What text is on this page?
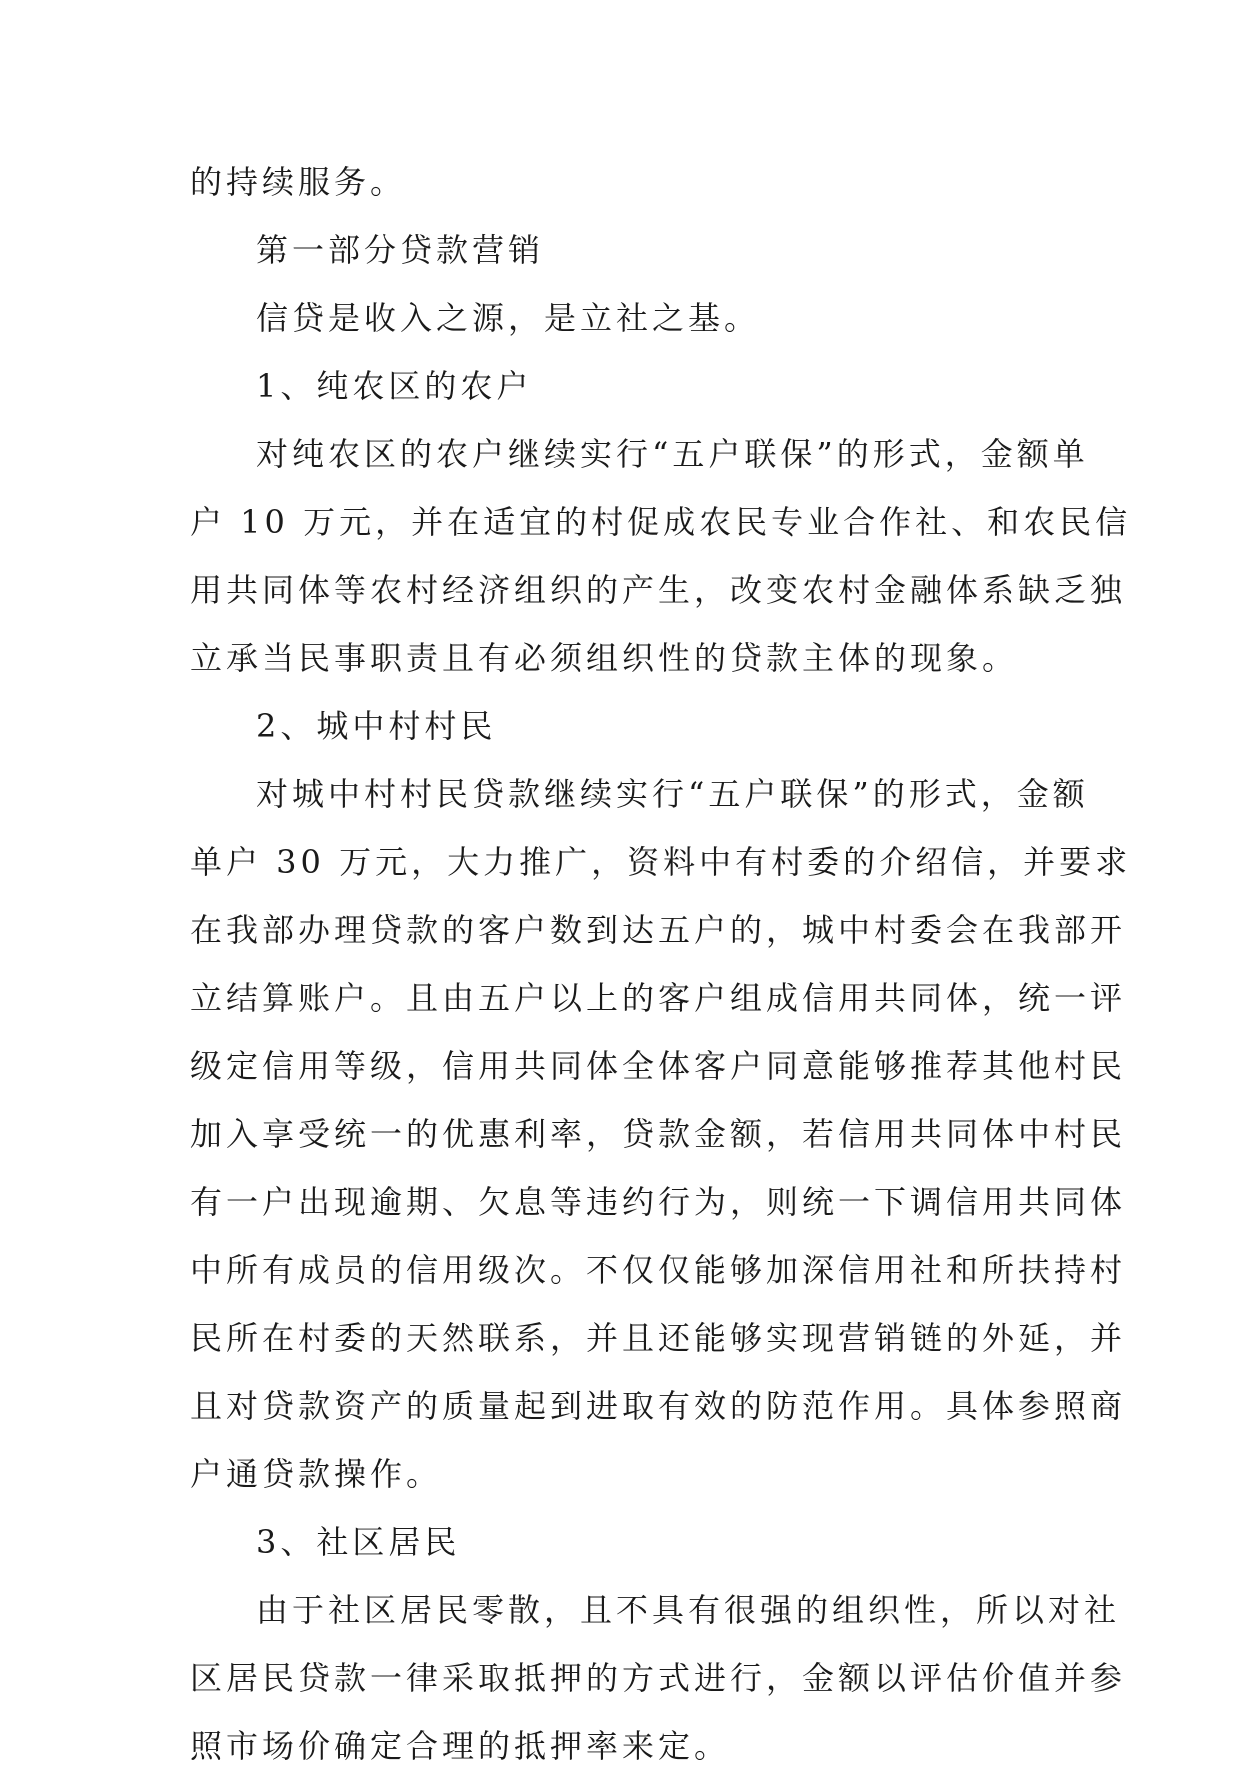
的持续服务。
第一部分贷款营销
信贷是收入之源，是立社之基。
1、纯农区的农户
对纯农区的农户继续实行“五户联保”的形式，金额单
户 10 万元，并在适宜的村促成农民专业合作社、和农民信
用共同体等农村经济组织的产生，改变农村金融体系缺乏独
立承当民事职责且有必须组织性的贷款主体的现象。
2、城中村村民
对城中村村民贷款继续实行“五户联保”的形式，金额
单户 30 万元，大力推广，资料中有村委的介绍信，并要求
在我部办理贷款的客户数到达五户的，城中村委会在我部开
立结算账户。且由五户以上的客户组成信用共同体，统一评
级定信用等级，信用共同体全体客户同意能够推荐其他村民
加入享受统一的优惠利率，贷款金额，若信用共同体中村民
有一户出现逾期、欠息等违约行为，则统一下调信用共同体
中所有成员的信用级次。不仅仅能够加深信用社和所扶持村
民所在村委的天然联系，并且还能够实现营销链的外延，并
且对贷款资产的质量起到进取有效的防范作用。具体参照商
户通贷款操作。
3、社区居民
由于社区居民零散，且不具有很强的组织性，所以对社
区居民贷款一律采取抵押的方式进行，金额以评估价值并参
照市场价确定合理的抵押率来定。
